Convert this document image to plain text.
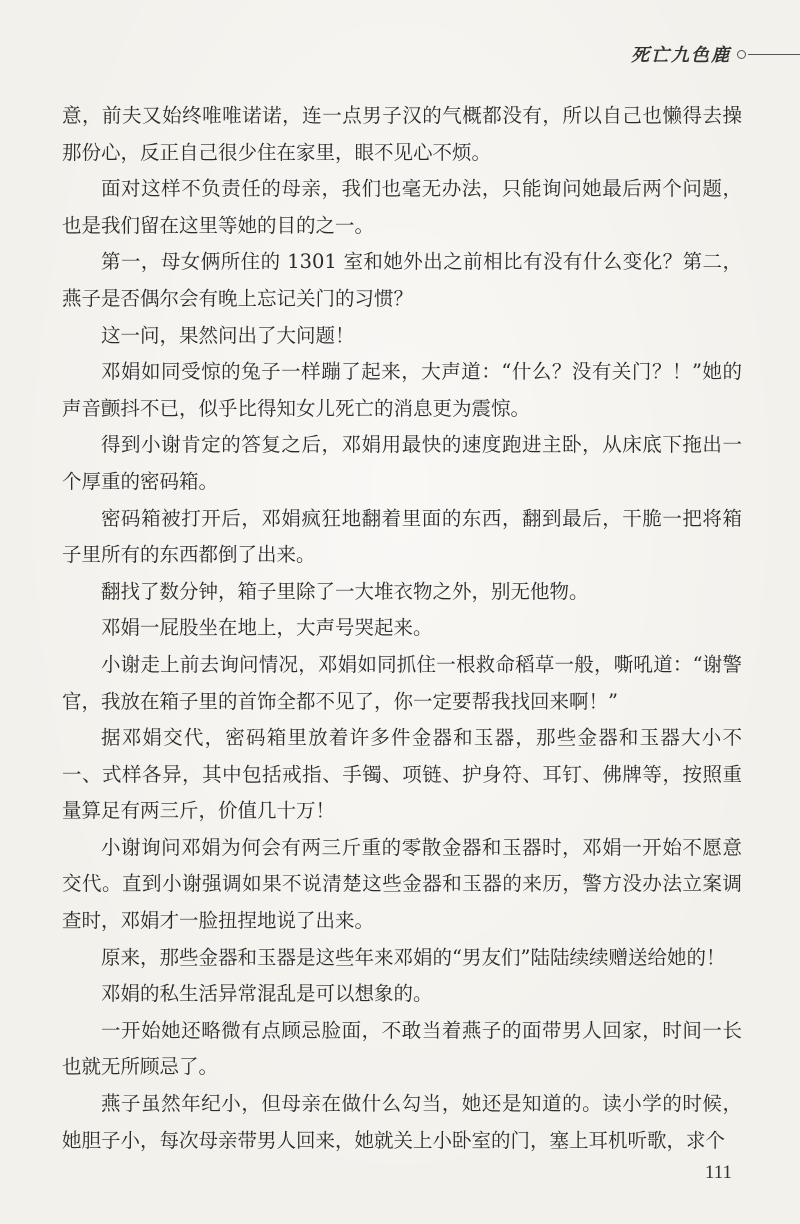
死亡九色鹿

意，前夫又始终唯唯诺诺，连一点男子汉的气概都没有，所以自己也懒得去操那份心，反正自己很少住在家里，眼不见心不烦。

面对这样不负责任的母亲，我们也毫无办法，只能询问她最后两个问题，也是我们留在这里等她的目的之一。

第一，母女俩所住的 1301 室和她外出之前相比有没有什么变化？第二，燕子是否偶尔会有晚上忘记关门的习惯？

这一问，果然问出了大问题！

邓娟如同受惊的兔子一样蹦了起来，大声道：“什么？没有关门？！”她的声音颤抖不已，似乎比得知女儿死亡的消息更为震惊。

得到小谢肯定的答复之后，邓娟用最快的速度跑进主卧，从床底下拖出一个厚重的密码箱。

密码箱被打开后，邓娟疯狂地翻着里面的东西，翻到最后，干脆一把将箱子里所有的东西都倒了出来。

翻找了数分钟，箱子里除了一大堆衣物之外，别无他物。

邓娟一屁股坐在地上，大声号哭起来。

小谢走上前去询问情况，邓娟如同抓住一根救命稻草一般，嘶吼道：“谢警官，我放在箱子里的首饰全都不见了，你一定要帮我找回来啊！”

据邓娟交代，密码箱里放着许多件金器和玉器，那些金器和玉器大小不一、式样各异，其中包括戒指、手镯、项链、护身符、耳钉、佛牌等，按照重量算足有两三斤，价值几十万！

小谢询问邓娟为何会有两三斤重的零散金器和玉器时，邓娟一开始不愿意交代。直到小谢强调如果不说清楚这些金器和玉器的来历，警方没办法立案调查时，邓娟才一脸扭捏地说了出来。

原来，那些金器和玉器是这些年来邓娟的“男友们”陆陆续续赠送给她的！

邓娟的私生活异常混乱是可以想象的。

一开始她还略微有点顾忌脸面，不敢当着燕子的面带男人回家，时间一长也就无所顾忌了。

燕子虽然年纪小，但母亲在做什么勾当，她还是知道的。读小学的时候，她胆子小，每次母亲带男人回来，她就关上小卧室的门，塞上耳机听歌，求个

111
